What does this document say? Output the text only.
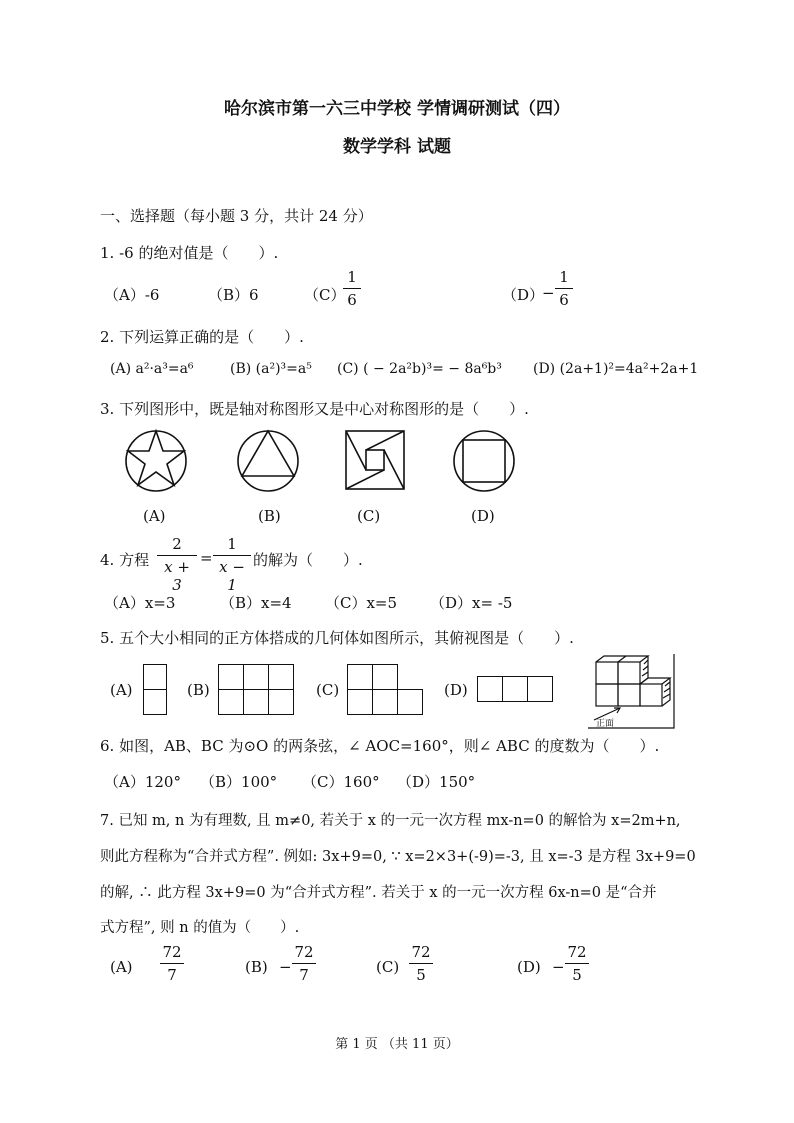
哈尔滨市第一六三中学校 学情调研测试（四）
数学学科 试题
一、选择题（每小题 3 分，共计 24 分）
1. -6 的绝对值是（　　）.
（A）-6	（B）6	（C）
1
6	（D）
−
1
6
2. 下列运算正确的是（　　）.
(A) a²·a³=a⁶	(B) (a²)³=a⁵ (C) ( − 2a²b)³= − 8a⁶b³ (D) (2a+1)²=4a²+2a+1
3. 下列图形中，既是轴对称图形又是中心对称图形的是（　　）.
(A)	(B)	(C)	(D)
4. 方程
2
x + 3
=
1
x − 1
的解为（　　）.
（A）x=3	（B）x=4 （C）x=5 （D）x= -5
5. 五个大小相同的正方体搭成的几何体如图所示，其俯视图是（　　）.
(A)	(B)

			(C)

			(D)

正面
6. 如图，AB、BC 为⊙O 的两条弦，∠ AOC=160°，则∠ ABC 的度数为（　　）.
（A）120° （B）100° （C）160° （D）150°
7. 已知 m, n 为有理数, 且 m≠0, 若关于 x 的一元一次方程 mx-n=0 的解恰为 x=2m+n,
则此方程称为“合并式方程”. 例如: 3x+9=0, ∵ x=2×3+(-9)=-3, 且 x=-3 是方程 3x+9=0
的解, ∴ 此方程 3x+9=0 为“合并式方程”. 若关于 x 的一元一次方程 6x-n=0 是“合并
式方程”, 则 n 的值为（　　）.
(A)
72
7	(B) −
72
7	(C)
72
5	(D) −
72
5
第 1 页 （共 11 页）
